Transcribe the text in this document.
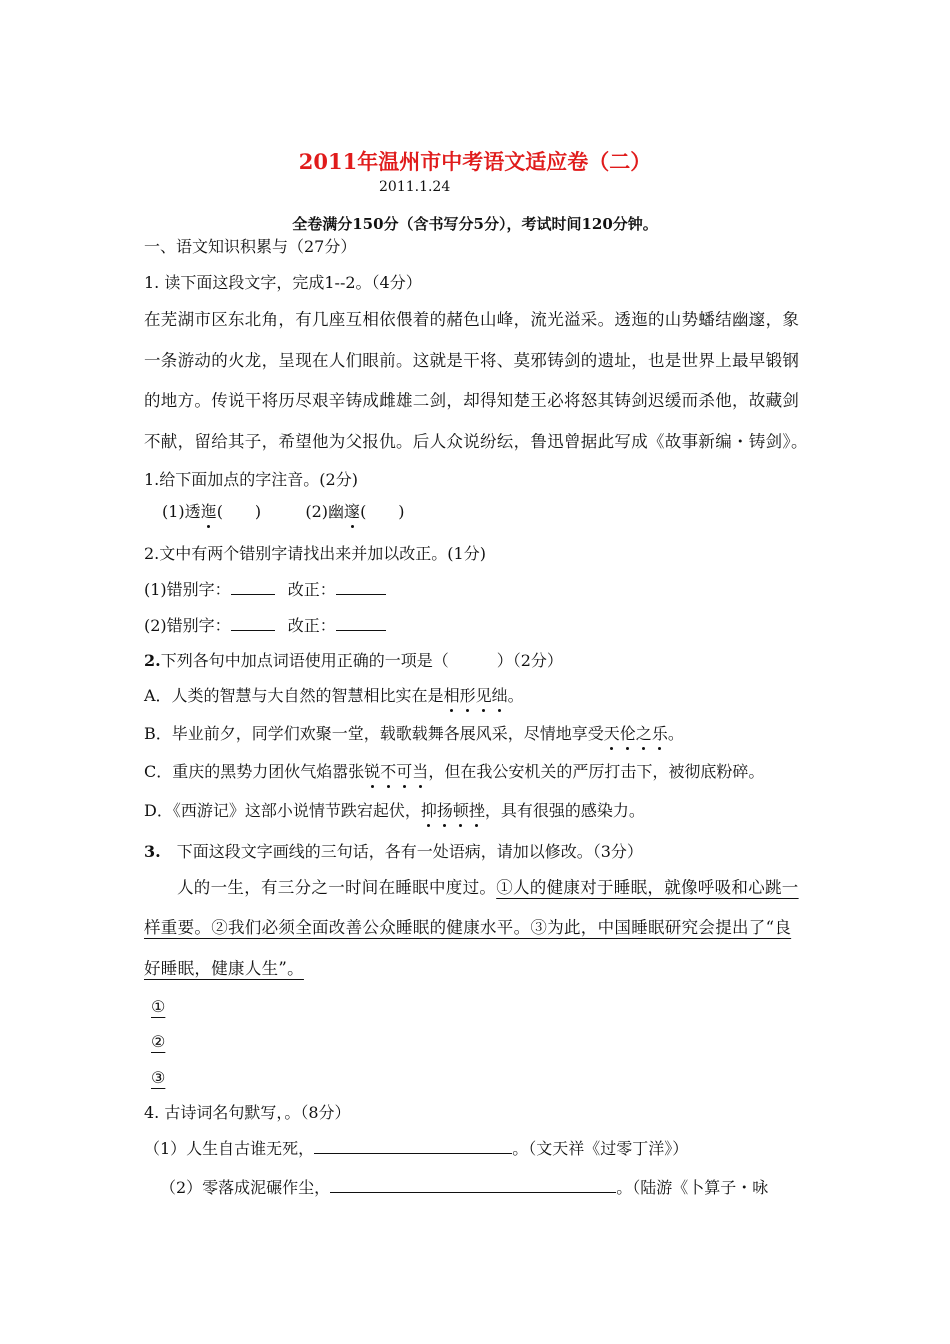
2011年温州市中考语文适应卷（二）
2011.1.24
全卷满分150分（含书写分5分），考试时间120分钟。
一、语文知识积累与（27分）
1. 读下面这段文字，完成1--2。（4分）
在芜湖市区东北角，有几座互相依偎着的赭色山峰，流光溢采。透迤的山势蟠结幽邃，象
一条游动的火龙，呈现在人们眼前。这就是干将、莫邪铸剑的遗址，也是世界上最早锻钢
的地方。传说干将历尽艰辛铸成雌雄二剑，却得知楚王必将怒其铸剑迟缓而杀他，故藏剑
不献，留给其子，希望他为父报仇。后人众说纷纭，鲁迅曾据此写成《故事新编・铸剑》。
1.给下面加点的字注音。(2分)
(1)透迤(　　)	(2)幽邃(　　)
2.文中有两个错别字请找出来并加以改正。(1分)
(1)错别字：	改正：
(2)错别字：	改正：
2.下列各句中加点词语使用正确的一项是（　　　）（2分）
A．人类的智慧与大自然的智慧相比实在是相形见绌。
B．毕业前夕，同学们欢聚一堂，载歌载舞各展风采，尽情地享受天伦之乐。
C．重庆的黑势力团伙气焰嚣张锐不可当，但在我公安机关的严厉打击下，被彻底粉碎。
D．《西游记》这部小说情节跌宕起伏，抑扬顿挫，具有很强的感染力。
3.　下面这段文字画线的三句话，各有一处语病，请加以修改。（3分）
人的一生，有三分之一时间在睡眠中度过。①人的健康对于睡眠，就像呼吸和心跳一
样重要。②我们必须全面改善公众睡眠的健康水平。③为此，中国睡眠研究会提出了“良
好睡眠，健康人生”。
①
②
③
4. 古诗词名句默写，。（8分）
（1）人生自古谁无死，	。（文天祥《过零丁洋》）
（2）零落成泥碾作尘，	。（陆游《卜算子・咏
